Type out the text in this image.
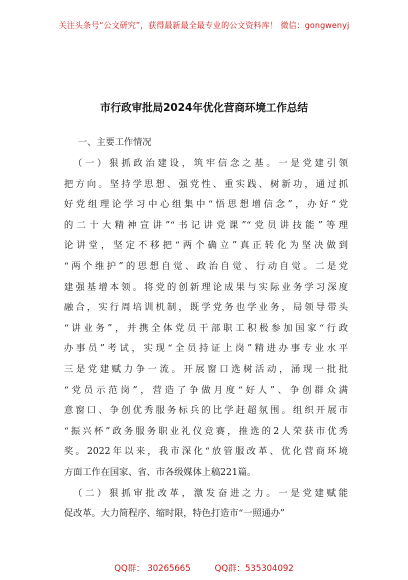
关注头条号“公文研究”，获得最新最全最专业的公文资料库！ 微信：gongwenyj
市行政审批局2024年优化营商环境工作总结
一、主要工作情况
（一）狠抓政治建设，筑牢信念之基。一是党建引领
把方向。坚持学思想、强党性、重实践、树新功，通过抓
好党组理论学习中心组集中“悟思想增信念”，办好“党
的二十大精神宣讲”“书记讲党课”“党员讲技能”等理
论讲堂，坚定不移把“两个确立”真正转化为坚决做到
“两个维护”的思想自觉、政治自觉、行动自觉。二是党
建强基增本领。将党的创新理论成果与实际业务学习深度
融合，实行周培训机制，既学党务也学业务，局领导带头
“讲业务”，并携全体党员干部职工积极参加国家“行政
办事员”考试，实现“全员持证上岗”精进办事专业水平
三是党建赋力争一流。开展窗口选树活动，涌现一批批
“党员示范岗”，营造了争做月度“好人”、争创群众满
意窗口、争创优秀服务标兵的比学赶超氛围。组织开展市
“振兴杯”政务服务职业礼仪竞赛，推选的2人荣获市优秀
奖。2022年以来，我市深化“放管服改革、优化营商环境
方面工作在国家、省、市各级媒体上稿221篇。
（二）狠抓审批改革，激发奋进之力。一是党建赋能
促改革。大力简程序、缩时限，特色打造市“一照通办”
QQ群： 30265665	QQ群：535304092
